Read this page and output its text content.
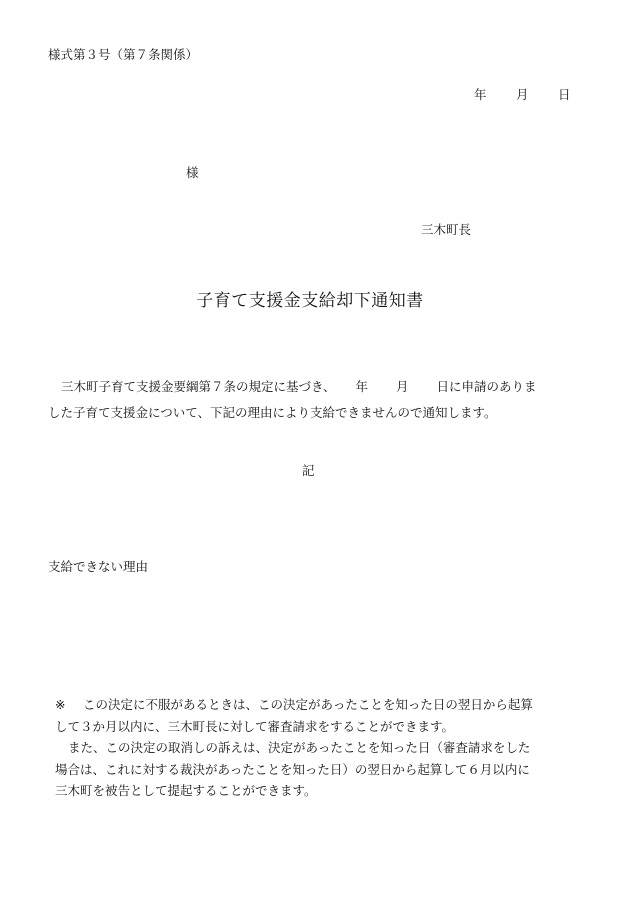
様式第３号（第７条関係）
年	月	日
様
三木町長
子育て支援金支給却下通知書
三木町子育て支援金要綱第７条の規定に基づき、 年 月 日に申請のありま
した子育て支援金について、下記の理由により支給できませんので通知します。
記
支給できない理由
※ この決定に不服があるときは、この決定があったことを知った日の翌日から起算
して３か月以内に、三木町長に対して審査請求をすることができます。
また、この決定の取消しの訴えは、決定があったことを知った日（審査請求をした
場合は、これに対する裁決があったことを知った日）の翌日から起算して６月以内に
三木町を被告として提起することができます。
